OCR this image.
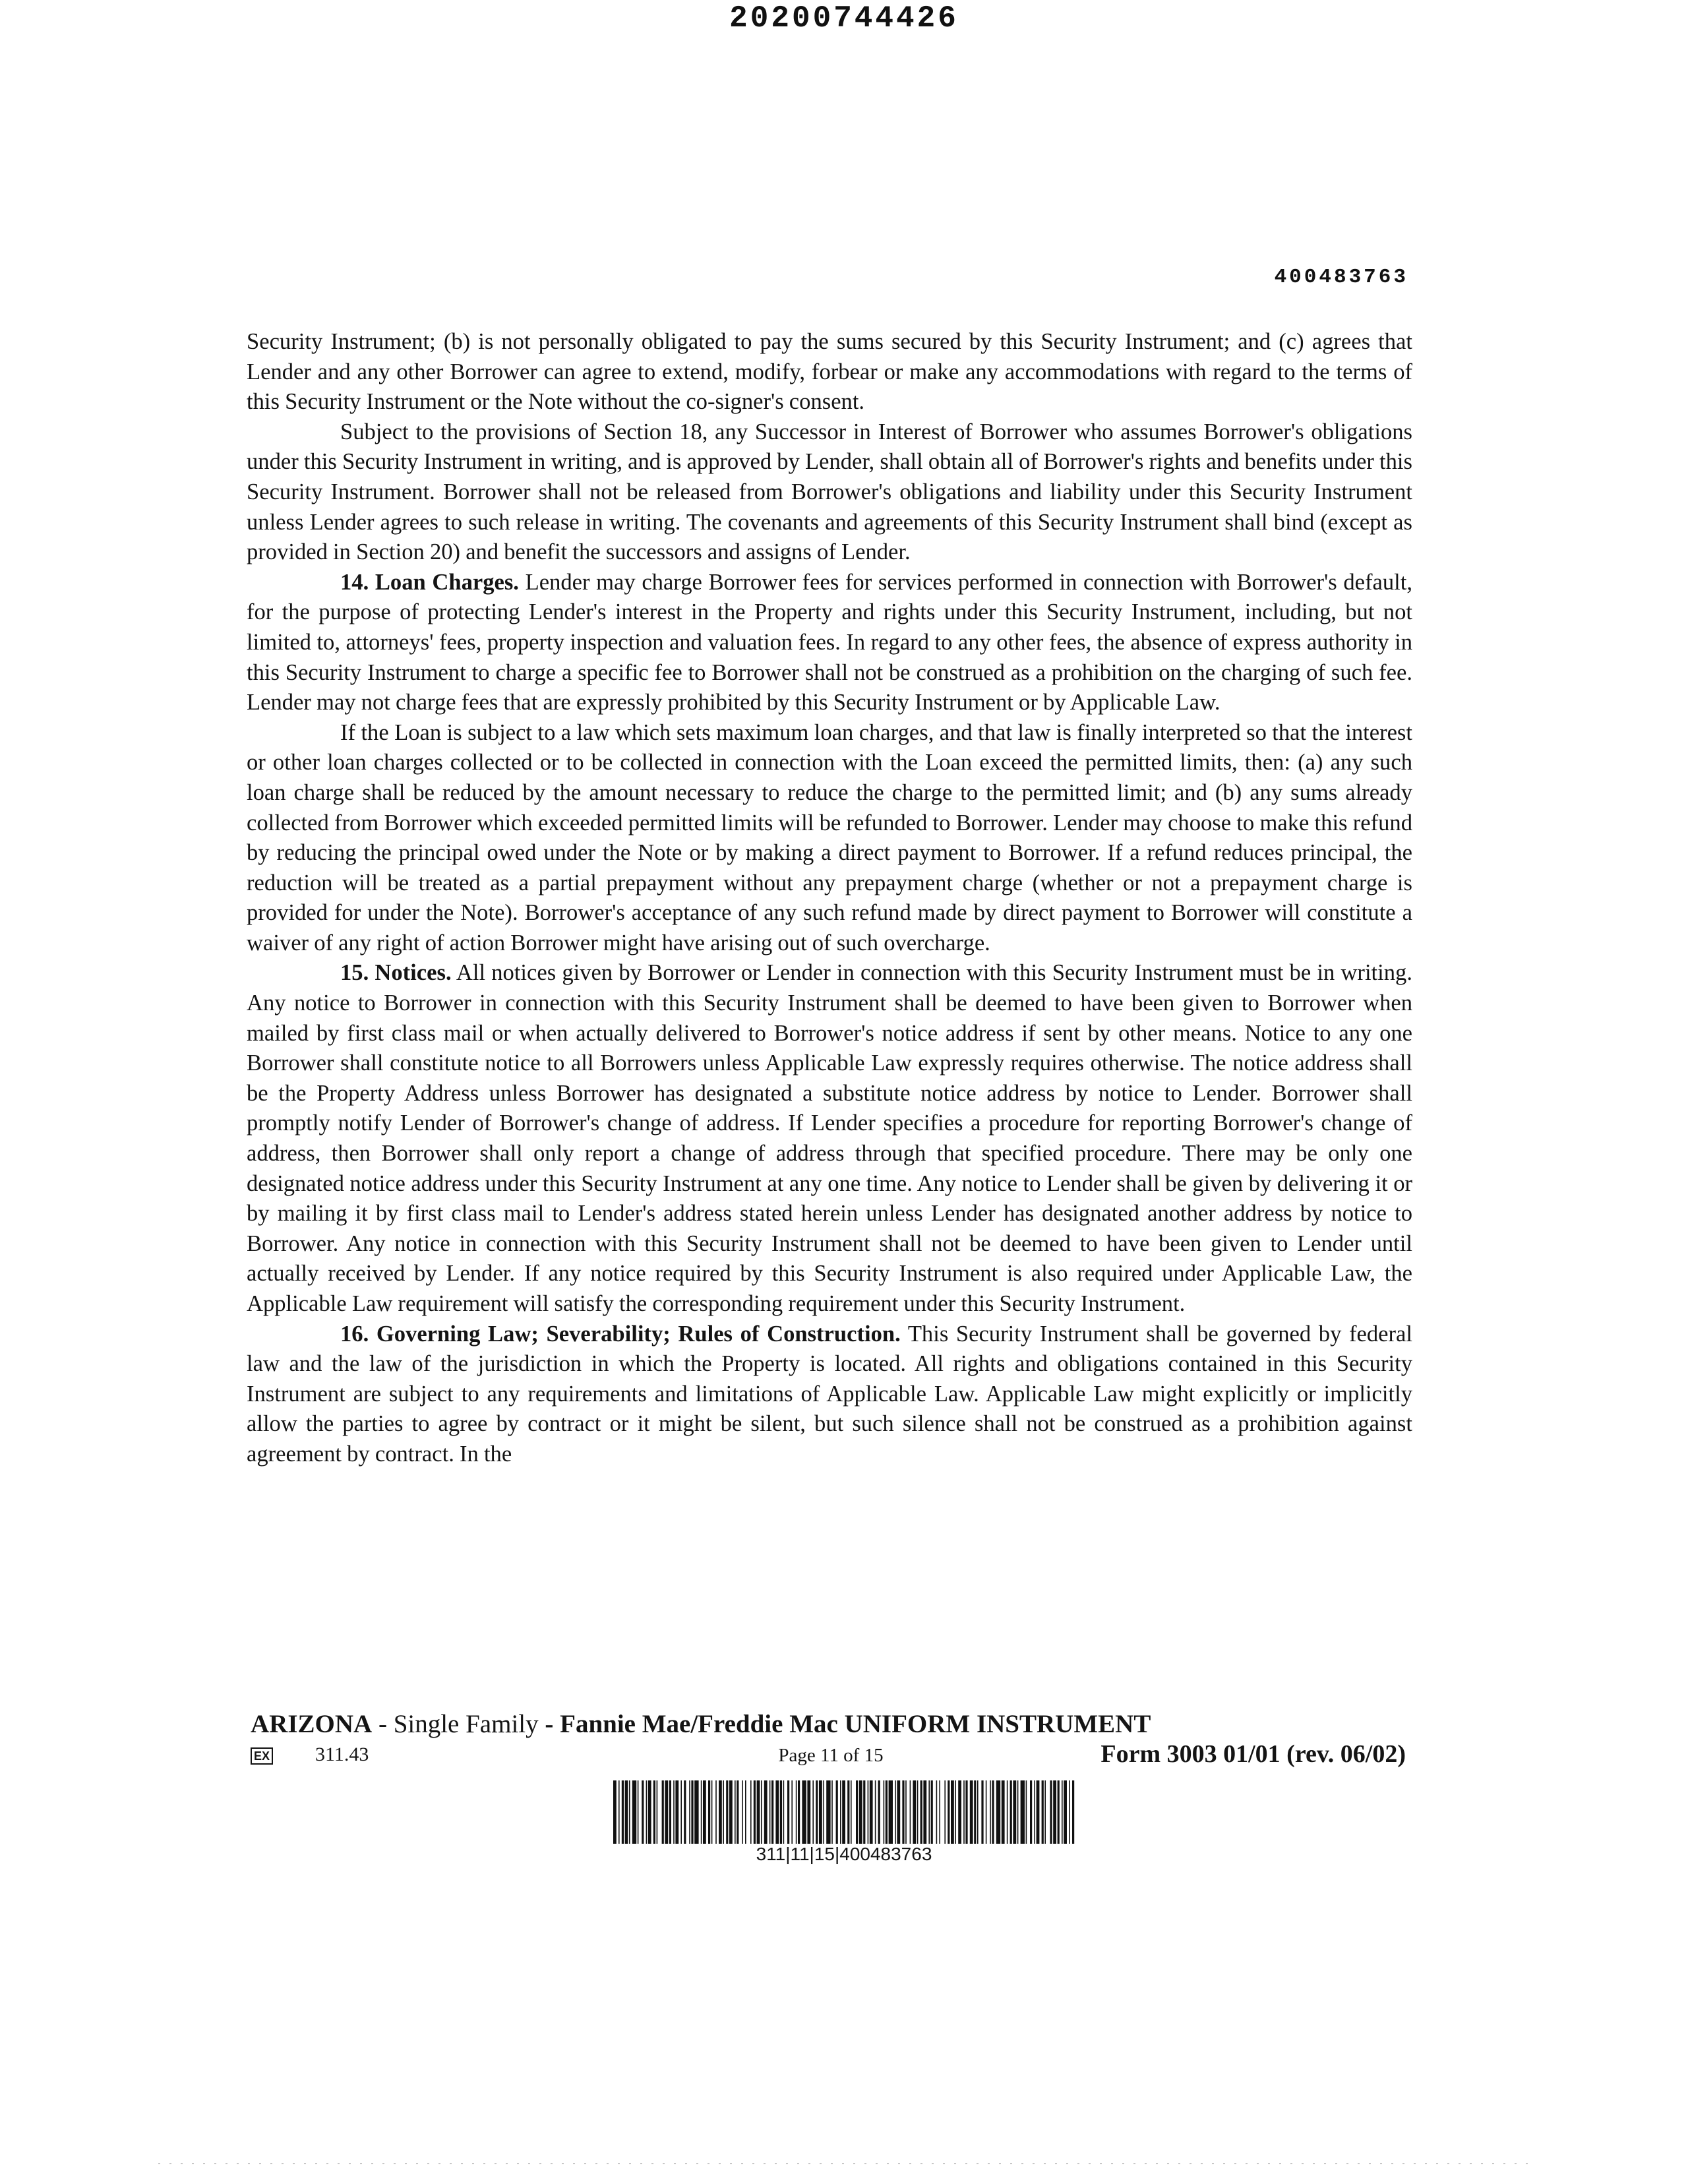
20200744426
400483763

Security Instrument; (b) is not personally obligated to pay the sums secured by this Security Instrument; and (c) agrees that Lender and any other Borrower can agree to extend, modify, forbear or make any accommodations with regard to the terms of this Security Instrument or the Note without the co-signer's consent.

Subject to the provisions of Section 18, any Successor in Interest of Borrower who assumes Borrower's obligations under this Security Instrument in writing, and is approved by Lender, shall obtain all of Borrower's rights and benefits under this Security Instrument. Borrower shall not be released from Borrower's obligations and liability under this Security Instrument unless Lender agrees to such release in writing. The covenants and agreements of this Security Instrument shall bind (except as provided in Section 20) and benefit the successors and assigns of Lender.

14. Loan Charges. Lender may charge Borrower fees for services performed in connection with Borrower's default, for the purpose of protecting Lender's interest in the Property and rights under this Security Instrument, including, but not limited to, attorneys' fees, property inspection and valuation fees. In regard to any other fees, the absence of express authority in this Security Instrument to charge a specific fee to Borrower shall not be construed as a prohibition on the charging of such fee. Lender may not charge fees that are expressly prohibited by this Security Instrument or by Applicable Law.

If the Loan is subject to a law which sets maximum loan charges, and that law is finally interpreted so that the interest or other loan charges collected or to be collected in connection with the Loan exceed the permitted limits, then: (a) any such loan charge shall be reduced by the amount necessary to reduce the charge to the permitted limit; and (b) any sums already collected from Borrower which exceeded permitted limits will be refunded to Borrower. Lender may choose to make this refund by reducing the principal owed under the Note or by making a direct payment to Borrower. If a refund reduces principal, the reduction will be treated as a partial prepayment without any prepayment charge (whether or not a prepayment charge is provided for under the Note). Borrower's acceptance of any such refund made by direct payment to Borrower will constitute a waiver of any right of action Borrower might have arising out of such overcharge.

15. Notices. All notices given by Borrower or Lender in connection with this Security Instrument must be in writing. Any notice to Borrower in connection with this Security Instrument shall be deemed to have been given to Borrower when mailed by first class mail or when actually delivered to Borrower's notice address if sent by other means. Notice to any one Borrower shall constitute notice to all Borrowers unless Applicable Law expressly requires otherwise. The notice address shall be the Property Address unless Borrower has designated a substitute notice address by notice to Lender. Borrower shall promptly notify Lender of Borrower's change of address. If Lender specifies a procedure for reporting Borrower's change of address, then Borrower shall only report a change of address through that specified procedure. There may be only one designated notice address under this Security Instrument at any one time. Any notice to Lender shall be given by delivering it or by mailing it by first class mail to Lender's address stated herein unless Lender has designated another address by notice to Borrower. Any notice in connection with this Security Instrument shall not be deemed to have been given to Lender until actually received by Lender. If any notice required by this Security Instrument is also required under Applicable Law, the Applicable Law requirement will satisfy the corresponding requirement under this Security Instrument.

16. Governing Law; Severability; Rules of Construction. This Security Instrument shall be governed by federal law and the law of the jurisdiction in which the Property is located. All rights and obligations contained in this Security Instrument are subject to any requirements and limitations of Applicable Law. Applicable Law might explicitly or implicitly allow the parties to agree by contract or it might be silent, but such silence shall not be construed as a prohibition against agreement by contract. In the

ARIZONA - Single Family - Fannie Mae/Freddie Mac UNIFORM INSTRUMENT
EX 311.43	Page 11 of 15	Form 3003 01/01 (rev. 06/02)
311|11|15|400483763
